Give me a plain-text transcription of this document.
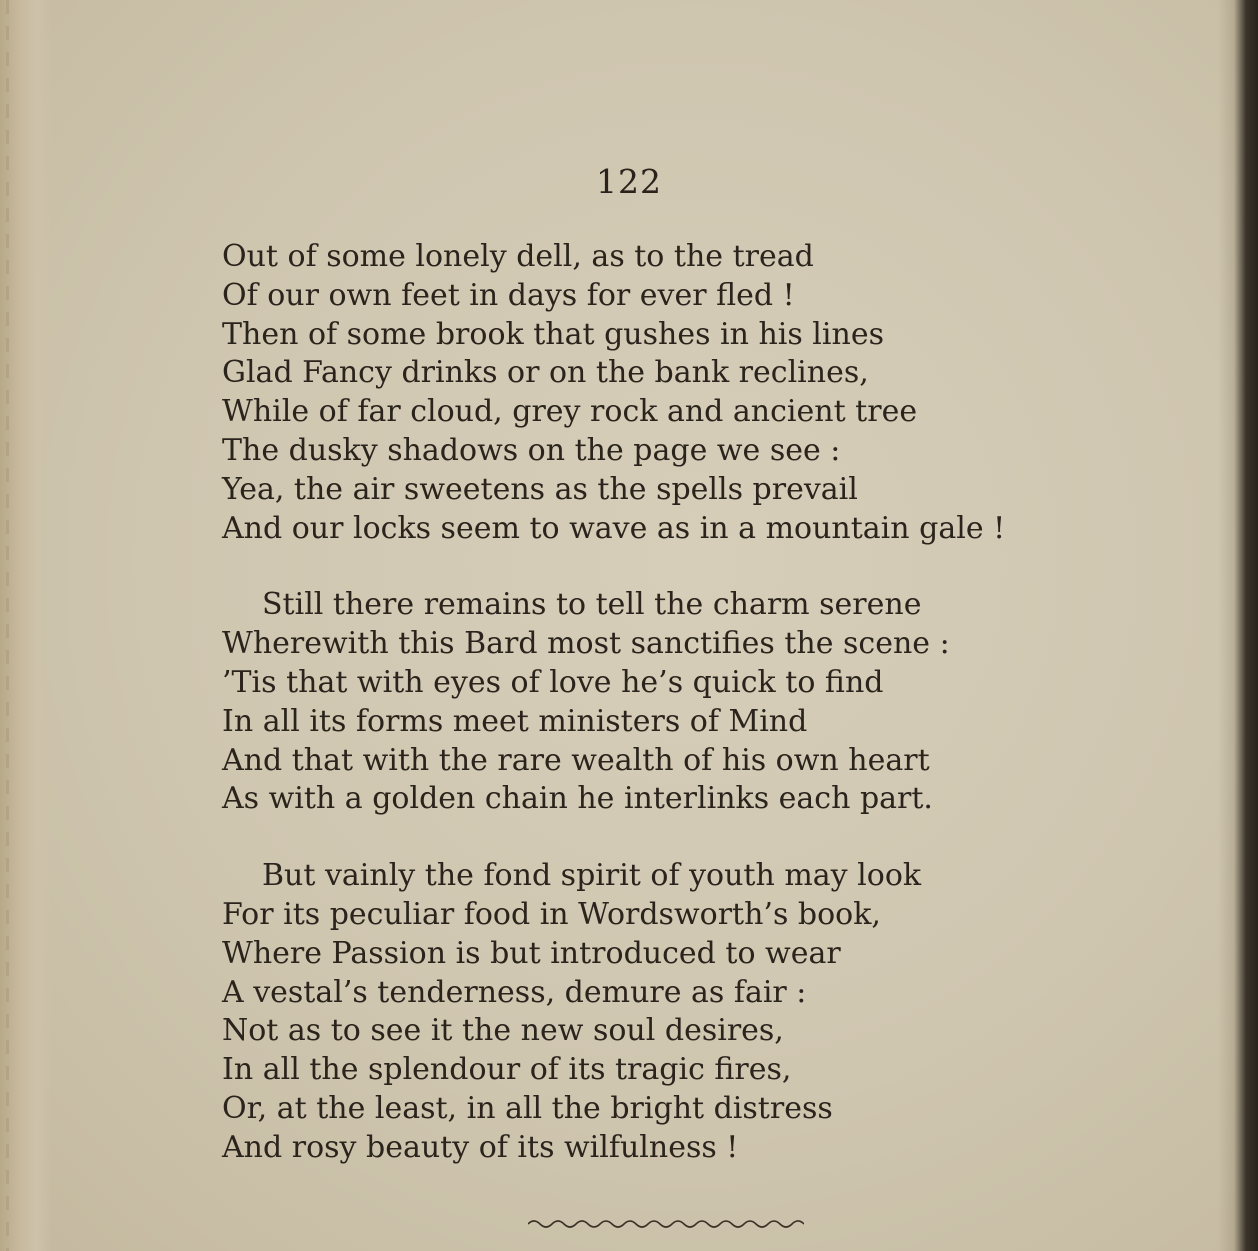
122
Out of some lonely dell, as to the tread
Of our own feet in days for ever fled !
Then of some brook that gushes in his lines
Glad Fancy drinks or on the bank reclines,
While of far cloud, grey rock and ancient tree
The dusky shadows on the page we see :
Yea, the air sweetens as the spells prevail
And our locks seem to wave as in a mountain gale !
Still there remains to tell the charm serene
Wherewith this Bard most sanctifies the scene :
’Tis that with eyes of love he’s quick to find
In all its forms meet ministers of Mind
And that with the rare wealth of his own heart
As with a golden chain he interlinks each part.
But vainly the fond spirit of youth may look
For its peculiar food in Wordsworth’s book,
Where Passion is but introduced to wear
A vestal’s tenderness, demure as fair :
Not as to see it the new soul desires,
In all the splendour of its tragic fires,
Or, at the least, in all the bright distress
And rosy beauty of its wilfulness !
